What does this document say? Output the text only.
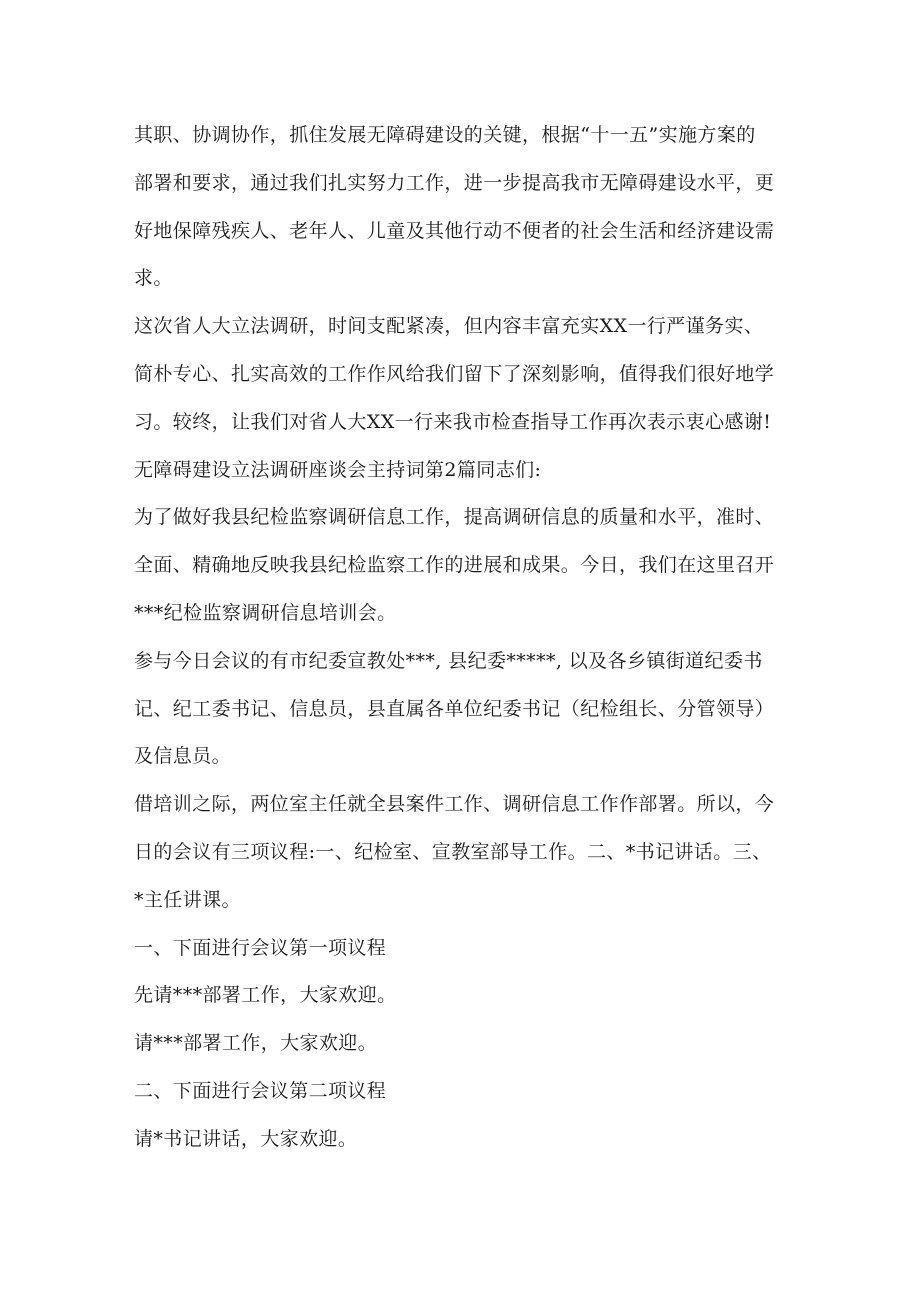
其职、协调协作，抓住发展无障碍建设的关键，根据“十一五”实施方案的
部署和要求，通过我们扎实努力工作，进一步提高我市无障碍建设水平，更
好地保障残疾人、老年人、儿童及其他行动不便者的社会生活和经济建设需
求。
这次省人大立法调研，时间支配紧凑，但内容丰富充实XX一行严谨务实、
简朴专心、扎实高效的工作作风给我们留下了深刻影响，值得我们很好地学
习。较终，让我们对省人大XX一行来我市检查指导工作再次表示衷心感谢!
无障碍建设立法调研座谈会主持词第2篇同志们:
为了做好我县纪检监察调研信息工作，提高调研信息的质量和水平，准时、
全面、精确地反映我县纪检监察工作的进展和成果。今日，我们在这里召开
***纪检监察调研信息培训会。
参与今日会议的有市纪委宣教处***, 县纪委*****, 以及各乡镇街道纪委书
记、纪工委书记、信息员，县直属各单位纪委书记（纪检组长、分管领导）
及信息员。
借培训之际，两位室主任就全县案件工作、调研信息工作作部署。所以，今
日的会议有三项议程:一、纪检室、宣教室部导工作。二、*书记讲话。三、
*主任讲课。
一、下面进行会议第一项议程
先请***部署工作，大家欢迎。
请***部署工作，大家欢迎。
二、下面进行会议第二项议程
请*书记讲话，大家欢迎。
